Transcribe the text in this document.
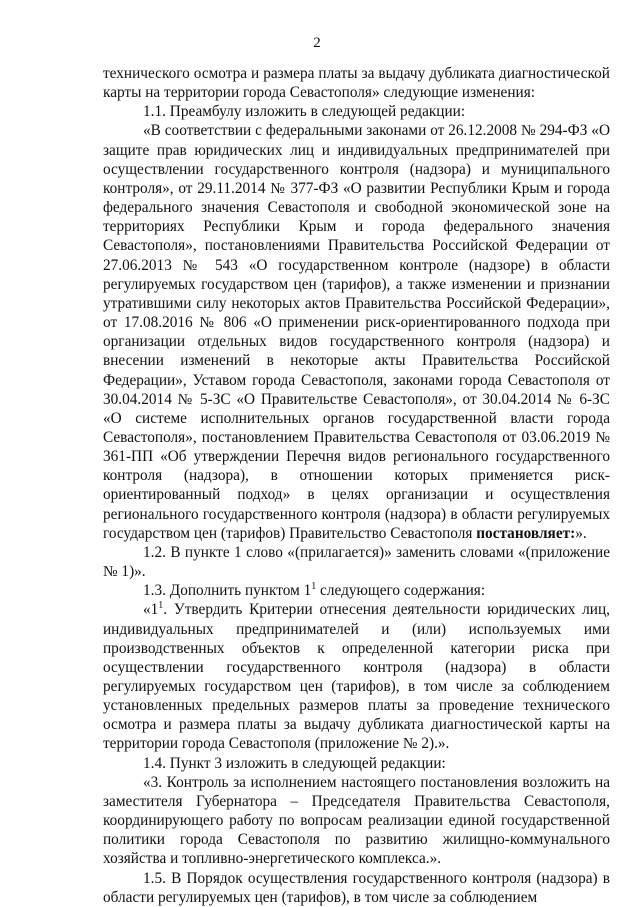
2

технического осмотра и размера платы за выдачу дубликата диагностической карты на территории города Севастополя» следующие изменения:

1.1. Преамбулу изложить в следующей редакции:

«В соответствии с федеральными законами от 26.12.2008 № 294-ФЗ «О защите прав юридических лиц и индивидуальных предпринимателей при осуществлении государственного контроля (надзора) и муниципального контроля», от 29.11.2014 № 377-ФЗ «О развитии Республики Крым и города федерального значения Севастополя и свободной экономической зоне на территориях Республики Крым и города федерального значения Севастополя», постановлениями Правительства Российской Федерации от 27.06.2013 № 543 «О государственном контроле (надзоре) в области регулируемых государством цен (тарифов), а также изменении и признании утратившими силу некоторых актов Правительства Российской Федерации», от 17.08.2016 № 806 «О применении риск-ориентированного подхода при организации отдельных видов государственного контроля (надзора) и внесении изменений в некоторые акты Правительства Российской Федерации», Уставом города Севастополя, законами города Севастополя от 30.04.2014 № 5-ЗС «О Правительстве Севастополя», от 30.04.2014 № 6-ЗС «О системе исполнительных органов государственной власти города Севастополя», постановлением Правительства Севастополя от 03.06.2019 № 361-ПП «Об утверждении Перечня видов регионального государственного контроля (надзора), в отношении которых применяется риск-ориентированный подход» в целях организации и осуществления регионального государственного контроля (надзора) в области регулируемых государством цен (тарифов) Правительство Севастополя постановляет:».

1.2. В пункте 1 слово «(прилагается)» заменить словами «(приложение № 1)».

1.3. Дополнить пунктом $1^1$ следующего содержания:

«$1^1$. Утвердить Критерии отнесения деятельности юридических лиц, индивидуальных предпринимателей и (или) используемых ими производственных объектов к определенной категории риска при осуществлении государственного контроля (надзора) в области регулируемых государством цен (тарифов), в том числе за соблюдением установленных предельных размеров платы за проведение технического осмотра и размера платы за выдачу дубликата диагностической карты на территории города Севастополя (приложение № 2).».

1.4. Пункт 3 изложить в следующей редакции:

«3. Контроль за исполнением настоящего постановления возложить на заместителя Губернатора – Председателя Правительства Севастополя, координирующего работу по вопросам реализации единой государственной политики города Севастополя по развитию жилищно-коммунального хозяйства и топливно-энергетического комплекса.».

1.5. В Порядок осуществления государственного контроля (надзора) в области регулируемых цен (тарифов), в том числе за соблюдением
